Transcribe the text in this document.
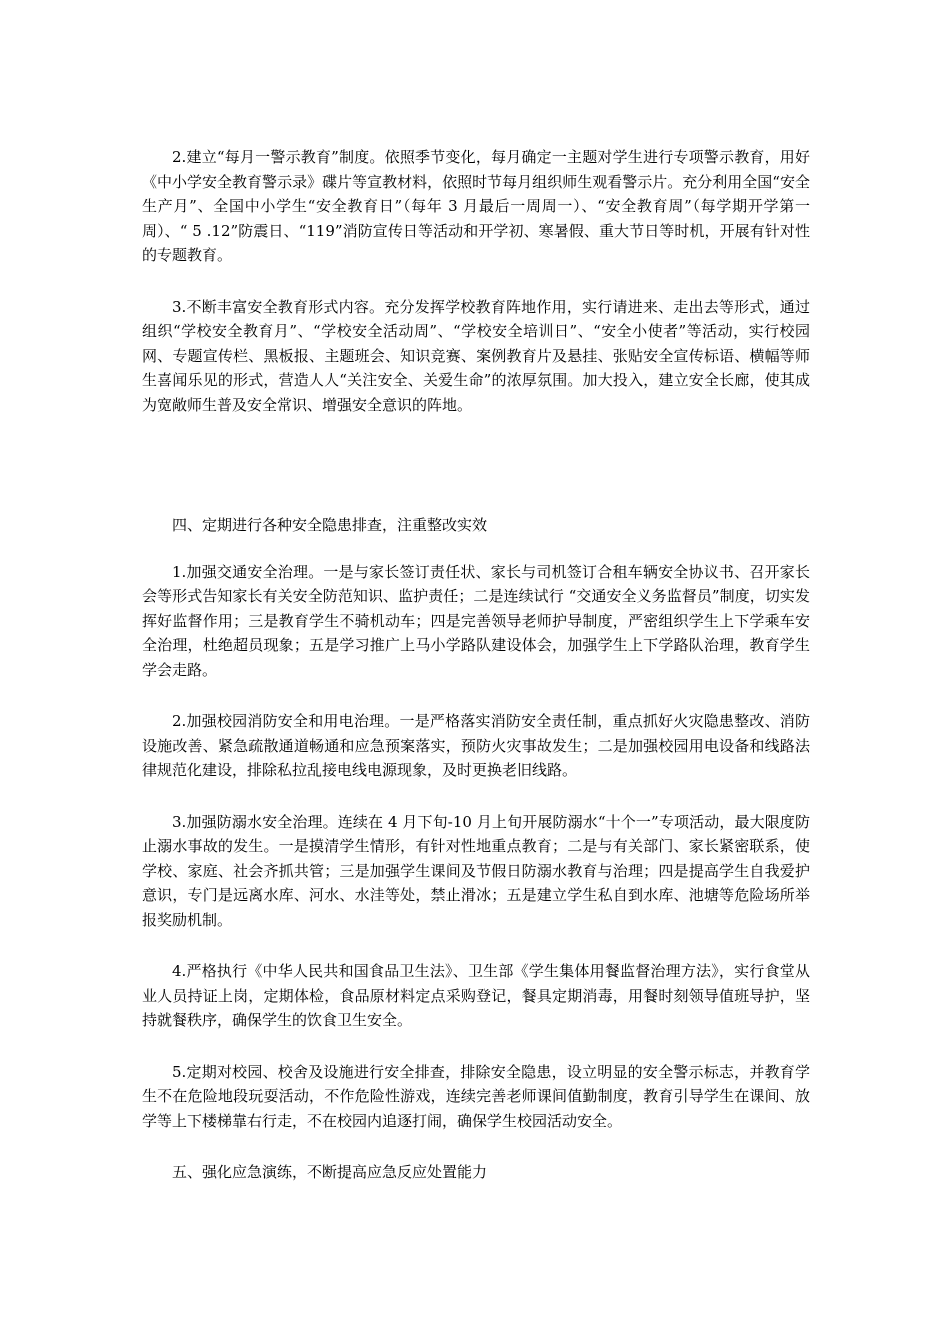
2.建立“每月一警示教育”制度。依照季节变化，每月确定一主题对学生进行专项警示教育，用好《中小学安全教育警示录》碟片等宣教材料，依照时节每月组织师生观看警示片。充分利用全国“安全生产月”、全国中小学生“安全教育日”（每年 3 月最后一周周一）、“安全教育周”（每学期开学第一周）、“ 5 .12”防震日、“119”消防宣传日等活动和开学初、寒暑假、重大节日等时机，开展有针对性的专题教育。

3.不断丰富安全教育形式内容。充分发挥学校教育阵地作用，实行请进来、走出去等形式，通过组织“学校安全教育月”、“学校安全活动周”、“学校安全培训日”、“安全小使者”等活动，实行校园网、专题宣传栏、黑板报、主题班会、知识竞赛、案例教育片及悬挂、张贴安全宣传标语、横幅等师生喜闻乐见的形式，营造人人“关注安全、关爱生命”的浓厚氛围。加大投入，建立安全长廊，使其成为宽敞师生普及安全常识、增强安全意识的阵地。

四、定期进行各种安全隐患排查，注重整改实效

1.加强交通安全治理。一是与家长签订责任状、家长与司机签订合租车辆安全协议书、召开家长会等形式告知家长有关安全防范知识、监护责任；二是连续试行 “交通安全义务监督员”制度，切实发挥好监督作用；三是教育学生不骑机动车；四是完善领导老师护导制度，严密组织学生上下学乘车安全治理，杜绝超员现象；五是学习推广上马小学路队建设体会，加强学生上下学路队治理，教育学生学会走路。

2.加强校园消防安全和用电治理。一是严格落实消防安全责任制，重点抓好火灾隐患整改、消防设施改善、紧急疏散通道畅通和应急预案落实，预防火灾事故发生；二是加强校园用电设备和线路法律规范化建设，排除私拉乱接电线电源现象，及时更换老旧线路。

3.加强防溺水安全治理。连续在 4 月下旬-10 月上旬开展防溺水“十个一”专项活动，最大限度防止溺水事故的发生。一是摸清学生情形，有针对性地重点教育；二是与有关部门、家长紧密联系，使学校、家庭、社会齐抓共管；三是加强学生课间及节假日防溺水教育与治理；四是提高学生自我爱护意识，专门是远离水库、河水、水洼等处，禁止滑冰；五是建立学生私自到水库、池塘等危险场所举报奖励机制。

4.严格执行《中华人民共和国食品卫生法》、卫生部《学生集体用餐监督治理方法》，实行食堂从业人员持证上岗，定期体检，食品原材料定点采购登记，餐具定期消毒，用餐时刻领导值班导护，坚持就餐秩序，确保学生的饮食卫生安全。

5.定期对校园、校舍及设施进行安全排查，排除安全隐患，设立明显的安全警示标志，并教育学生不在危险地段玩耍活动，不作危险性游戏，连续完善老师课间值勤制度，教育引导学生在课间、放学等上下楼梯靠右行走，不在校园内追逐打闹，确保学生校园活动安全。

五、强化应急演练，不断提高应急反应处置能力
